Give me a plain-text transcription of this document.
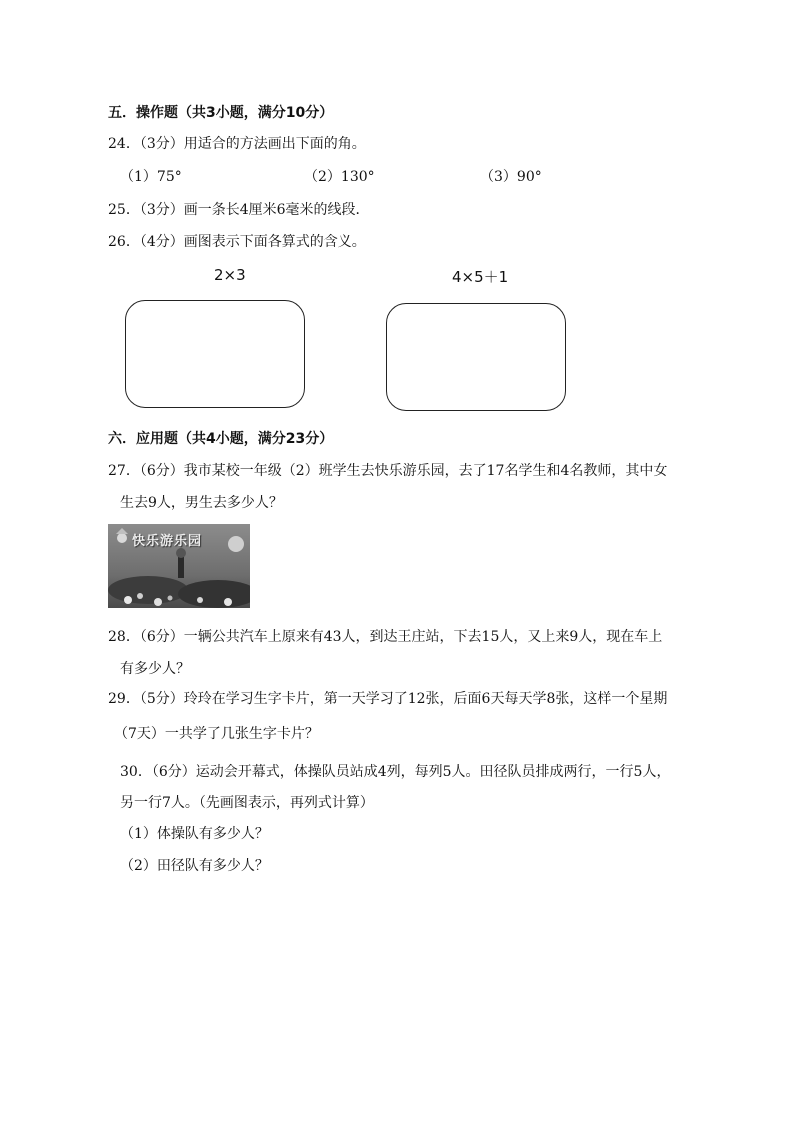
五．操作题（共3小题，满分10分）
24．（3分）用适合的方法画出下面的角。
（1）75°	（2）130°	（3）90°
25．（3分）画一条长4厘米6毫米的线段．
26．（4分）画图表示下面各算式的含义。
2×3	4×5＋1
六．应用题（共4小题，满分23分）
27．（6分）我市某校一年级（2）班学生去快乐游乐园，去了17名学生和4名教师，其中女
生去9人，男生去多少人？
快乐游乐园
28．（6分）一辆公共汽车上原来有43人，到达王庄站，下去15人，又上来9人，现在车上
有多少人？
29．（5分）玲玲在学习生字卡片，第一天学习了12张，后面6天每天学8张，这样一个星期
（7天）一共学了几张生字卡片？
30．（6分）运动会开幕式，体操队员站成4列，每列5人。田径队员排成两行，一行5人，
另一行7人。（先画图表示，再列式计算）
（1）体操队有多少人？
（2）田径队有多少人？
